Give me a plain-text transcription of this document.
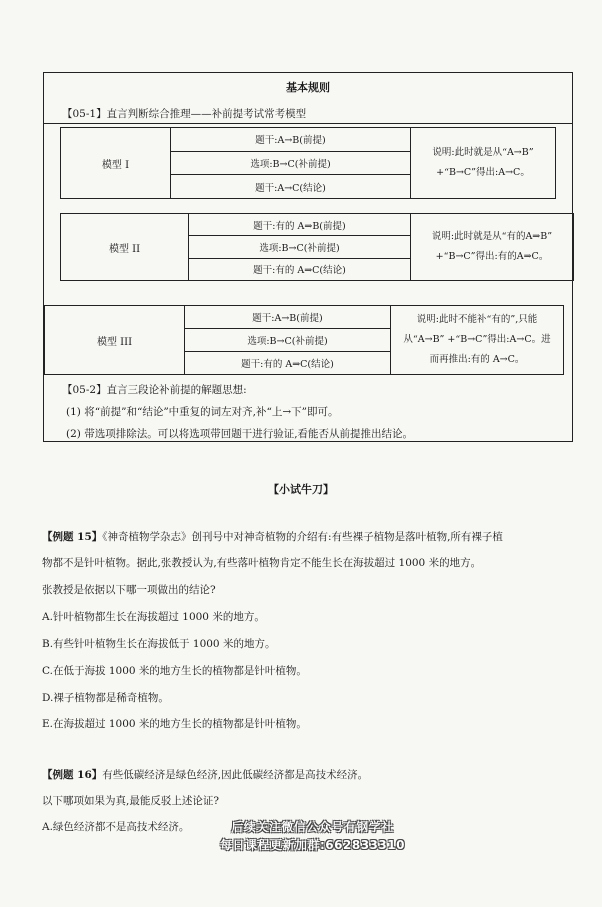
基本规则
【05-1】直言判断综合推理——补前提考试常考模型
模型 I
题干:A→B(前提)
选项:B→C(补前提)
题干:A→C(结论)
说明:此时就是从“A→B” +“B→C”得出:A→C。
模型 II
题干:有的 A⇒B(前提)
选项:B→C(补前提)
题干:有的 A⇒C(结论)
说明:此时就是从“有的A⇒B” +“B→C”得出:有的A⇒C。
模型 III
题干:A→B(前提)
选项:B→C(补前提)
题干:有的 A⇒C(结论)
说明:此时不能补“有的”,只能从“A→B” +“B→C”得出:A→C。进而再推出:有的 A→C。
【05-2】直言三段论补前提的解题思想:
(1) 将“前提”和“结论”中重复的词左对齐,补“上→下”即可。
(2) 带选项排除法。可以将选项带回题干进行验证,看能否从前提推出结论。
【小试牛刀】
【例题 15】《神奇植物学杂志》创刊号中对神奇植物的介绍有:有些裸子植物是落叶植物,所有裸子植
物都不是针叶植物。据此,张教授认为,有些落叶植物肯定不能生长在海拔超过 1000 米的地方。
张教授是依据以下哪一项做出的结论?
A.针叶植物都生长在海拔超过 1000 米的地方。
B.有些针叶植物生长在海拔低于 1000 米的地方。
C.在低于海拔 1000 米的地方生长的植物都是针叶植物。
D.裸子植物都是稀奇植物。
E.在海拔超过 1000 米的地方生长的植物都是针叶植物。
【例题 16】有些低碳经济是绿色经济,因此低碳经济都是高技术经济。
以下哪项如果为真,最能反驳上述论证?
A.绿色经济都不是高技术经济。	后续关注微信公众号有钢学社
每日课程更新加群:662833310
